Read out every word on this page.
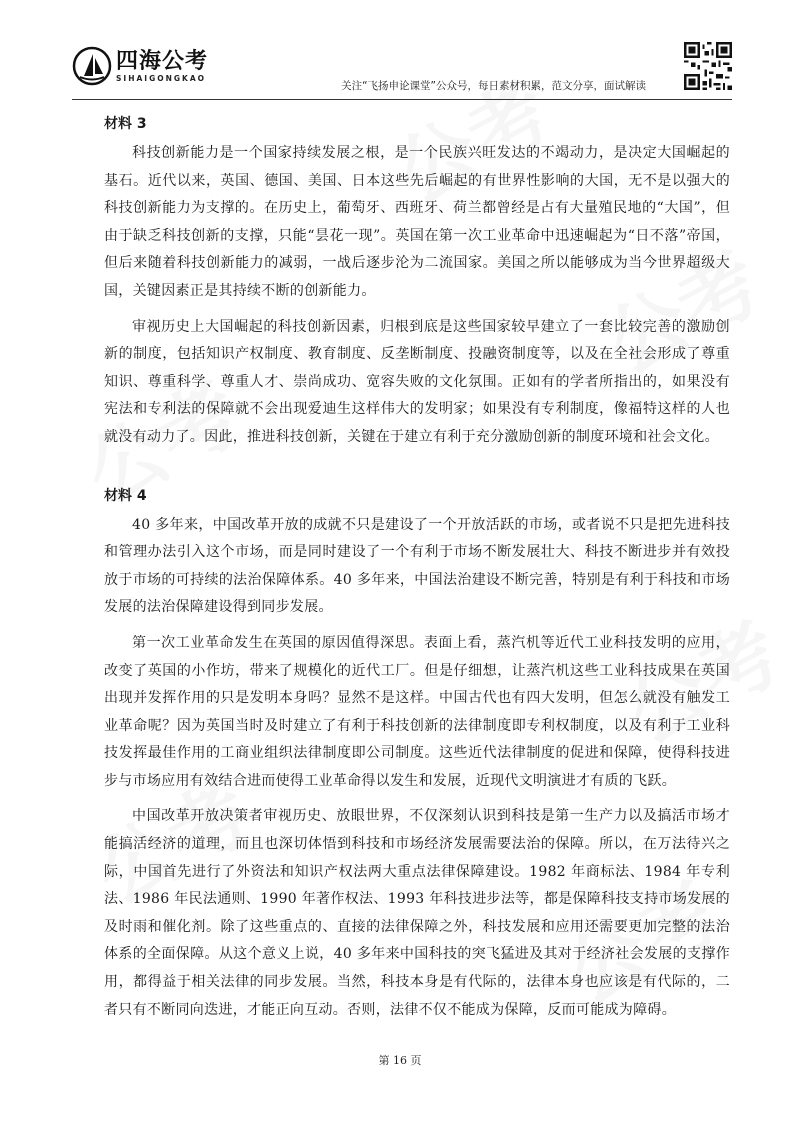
四海公考
SIHAIGONGKAO
关注“飞扬申论课堂”公众号，每日素材积累，范文分享，面试解读
材料 3

科技创新能力是一个国家持续发展之根，是一个民族兴旺发达的不竭动力，是决定大国崛起的基石。近代以来，英国、德国、美国、日本这些先后崛起的有世界性影响的大国，无不是以强大的科技创新能力为支撑的。在历史上，葡萄牙、西班牙、荷兰都曾经是占有大量殖民地的“大国”，但由于缺乏科技创新的支撑，只能“昙花一现”。英国在第一次工业革命中迅速崛起为“日不落”帝国，但后来随着科技创新能力的减弱，一战后逐步沦为二流国家。美国之所以能够成为当今世界超级大国，关键因素正是其持续不断的创新能力。

审视历史上大国崛起的科技创新因素，归根到底是这些国家较早建立了一套比较完善的激励创新的制度，包括知识产权制度、教育制度、反垄断制度、投融资制度等，以及在全社会形成了尊重知识、尊重科学、尊重人才、崇尚成功、宽容失败的文化氛围。正如有的学者所指出的，如果没有宪法和专利法的保障就不会出现爱迪生这样伟大的发明家；如果没有专利制度，像福特这样的人也就没有动力了。因此，推进科技创新，关键在于建立有利于充分激励创新的制度环境和社会文化。

材料 4

40 多年来，中国改革开放的成就不只是建设了一个开放活跃的市场，或者说不只是把先进科技和管理办法引入这个市场，而是同时建设了一个有利于市场不断发展壮大、科技不断进步并有效投放于市场的可持续的法治保障体系。40 多年来，中国法治建设不断完善，特别是有利于科技和市场发展的法治保障建设得到同步发展。

第一次工业革命发生在英国的原因值得深思。表面上看，蒸汽机等近代工业科技发明的应用，改变了英国的小作坊，带来了规模化的近代工厂。但是仔细想，让蒸汽机这些工业科技成果在英国出现并发挥作用的只是发明本身吗？显然不是这样。中国古代也有四大发明，但怎么就没有触发工业革命呢？因为英国当时及时建立了有利于科技创新的法律制度即专利权制度，以及有利于工业科技发挥最佳作用的工商业组织法律制度即公司制度。这些近代法律制度的促进和保障，使得科技进步与市场应用有效结合进而使得工业革命得以发生和发展，近现代文明演进才有质的飞跃。

中国改革开放决策者审视历史、放眼世界，不仅深刻认识到科技是第一生产力以及搞活市场才能搞活经济的道理，而且也深切体悟到科技和市场经济发展需要法治的保障。所以，在万法待兴之际，中国首先进行了外资法和知识产权法两大重点法律保障建设。1982 年商标法、1984 年专利法、1986 年民法通则、1990 年著作权法、1993 年科技进步法等，都是保障科技支持市场发展的及时雨和催化剂。除了这些重点的、直接的法律保障之外，科技发展和应用还需要更加完整的法治体系的全面保障。从这个意义上说，40 多年来中国科技的突飞猛进及其对于经济社会发展的支撑作用，都得益于相关法律的同步发展。当然，科技本身是有代际的，法律本身也应该是有代际的，二者只有不断同向迭进，才能正向互动。否则，法律不仅不能成为保障，反而可能成为障碍。

第 16 页
